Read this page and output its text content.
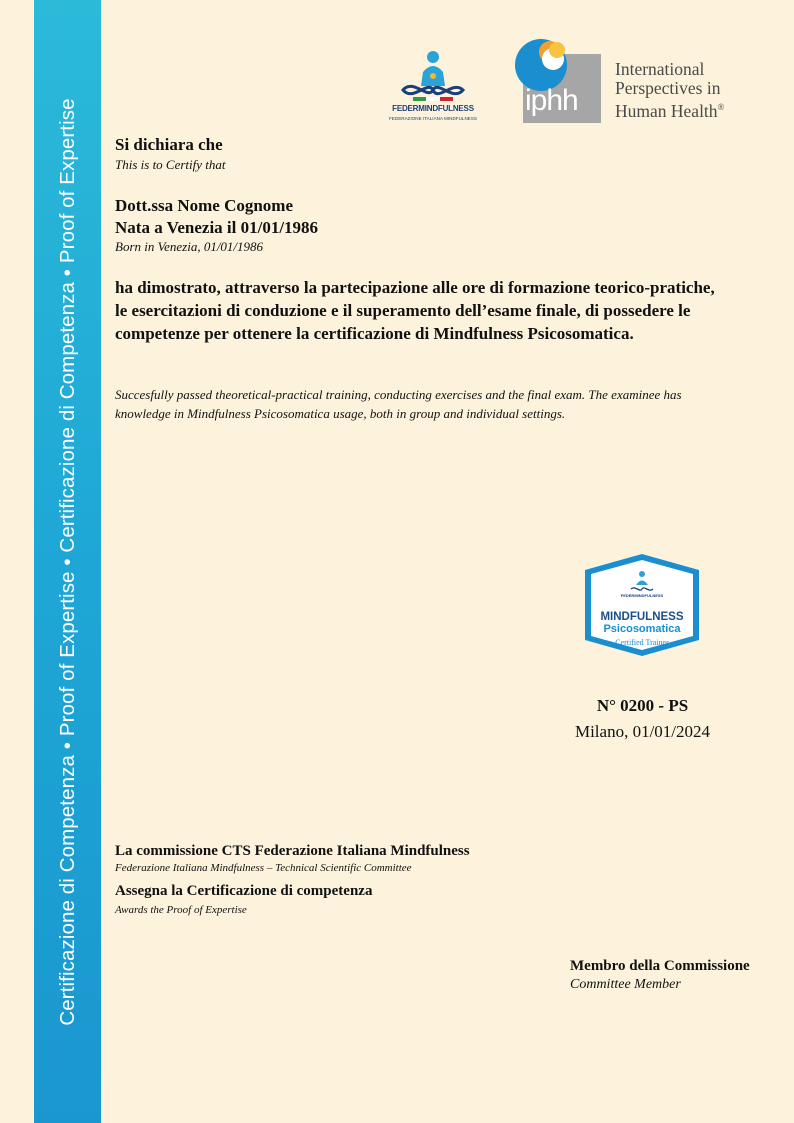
Certificazione di Competenza • Proof of Expertise • Certificazione di Competenza • Proof of Expertise	FEDERMINDFULNESS
FEDERAZIONE ITALIANA MINDFULNESS
iphh
International
Perspectives in
Human Health®
Si dichiara che
This is to Certify that
Dott.ssa Nome Cognome
Nata a Venezia il 01/01/1986
Born in Venezia, 01/01/1986
ha dimostrato, attraverso la partecipazione alle ore di formazione teorico-pratiche, le esercitazioni di conduzione e il superamento dell’esame finale, di possedere le competenze per ottenere la certificazione di Mindfulness Psicosomatica.
Succesfully passed theoretical-practical training, conducting exercises and the final exam. The examinee has knowledge in Mindfulness Psicosomatica usage, both in group and individual settings.
FEDERMINDFULNESS
MINDFULNESS
Psicosomatica
Certified Trainer
N° 0200 - PS
Milano, 01/01/2024
La commissione CTS Federazione Italiana Mindfulness
Federazione Italiana Mindfulness – Technical Scientific Committee
Assegna la Certificazione di competenza
Awards the Proof of Expertise
Membro della Commissione
Committee Member
